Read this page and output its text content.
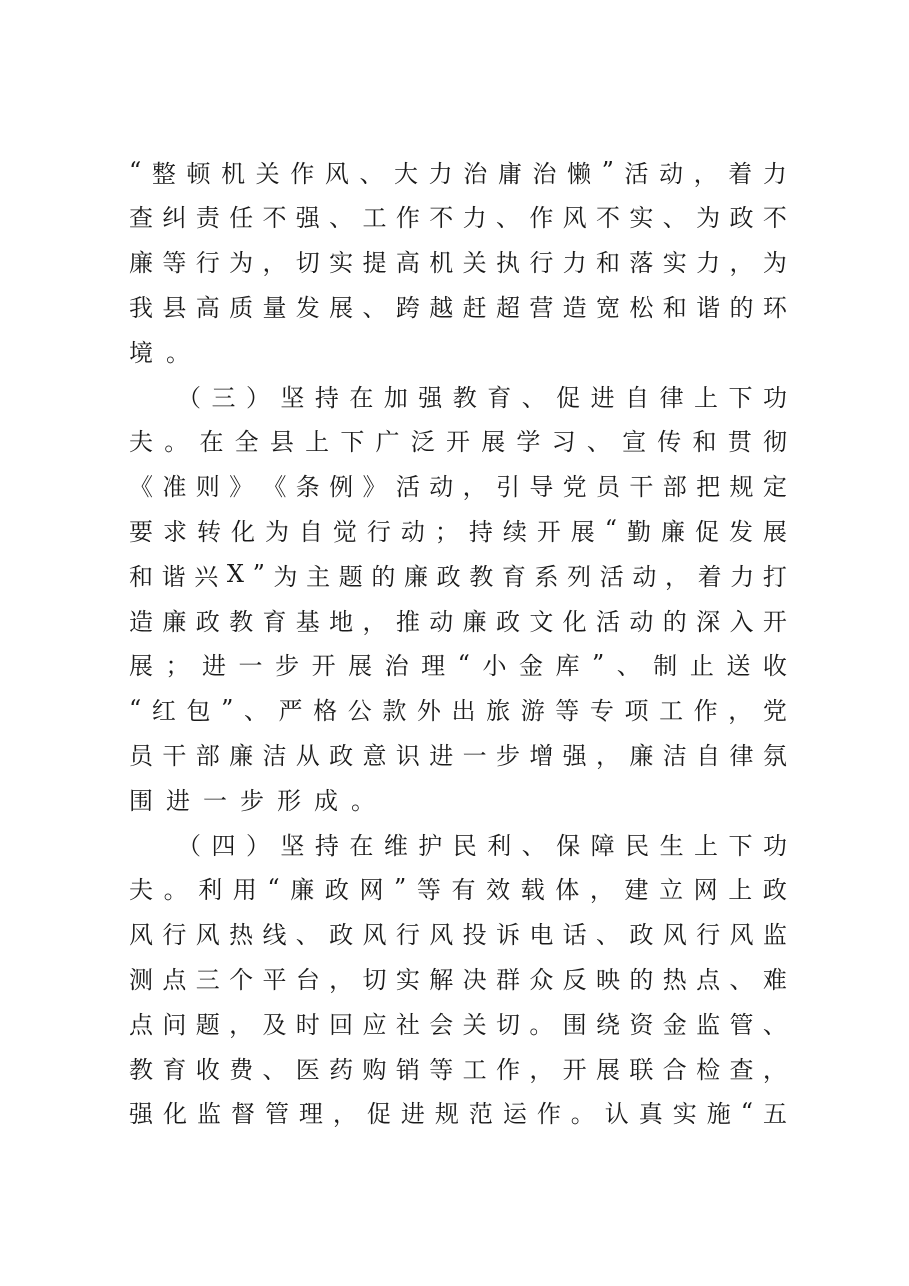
“ 整 顿 机 关 作 风 、 大 力 治 庸 治 懒 ” 活 动 ， 着 力
查 纠 责 任 不 强 、 工 作 不 力 、 作 风 不 实 、 为 政 不
廉 等 行 为 ， 切 实 提 高 机 关 执 行 力 和 落 实 力 ， 为
我 县 高 质 量 发 展 、 跨 越 赶 超 营 造 宽 松 和 谐 的 环
境 。
（ 三 ） 坚 持 在 加 强 教 育 、 促 进 自 律 上 下 功
夫 。 在 全 县 上 下 广 泛 开 展 学 习 、 宣 传 和 贯 彻
《 准 则 》 《 条 例 》 活 动 ， 引 导 党 员 干 部 把 规 定
要 求 转 化 为 自 觉 行 动 ； 持 续 开 展 “ 勤 廉 促 发 展
和 谐 兴 X ” 为 主 题 的 廉 政 教 育 系 列 活 动 ， 着 力 打
造 廉 政 教 育 基 地 ， 推 动 廉 政 文 化 活 动 的 深 入 开
展 ； 进 一 步 开 展 治 理 “ 小 金 库 ” 、 制 止 送 收
“ 红 包 ” 、 严 格 公 款 外 出 旅 游 等 专 项 工 作 ， 党
员 干 部 廉 洁 从 政 意 识 进 一 步 增 强 ， 廉 洁 自 律 氛
围 进 一 步 形 成 。
（ 四 ） 坚 持 在 维 护 民 利 、 保 障 民 生 上 下 功
夫 。 利 用 “ 廉 政 网 ” 等 有 效 载 体 ， 建 立 网 上 政
风 行 风 热 线 、 政 风 行 风 投 诉 电 话 、 政 风 行 风 监
测 点 三 个 平 台 ， 切 实 解 决 群 众 反 映 的 热 点 、 难
点 问 题 ， 及 时 回 应 社 会 关 切 。 围 绕 资 金 监 管 、
教 育 收 费 、 医 药 购 销 等 工 作 ， 开 展 联 合 检 查 ，
强 化 监 督 管 理 ， 促 进 规 范 运 作 。 认 真 实 施 “ 五
